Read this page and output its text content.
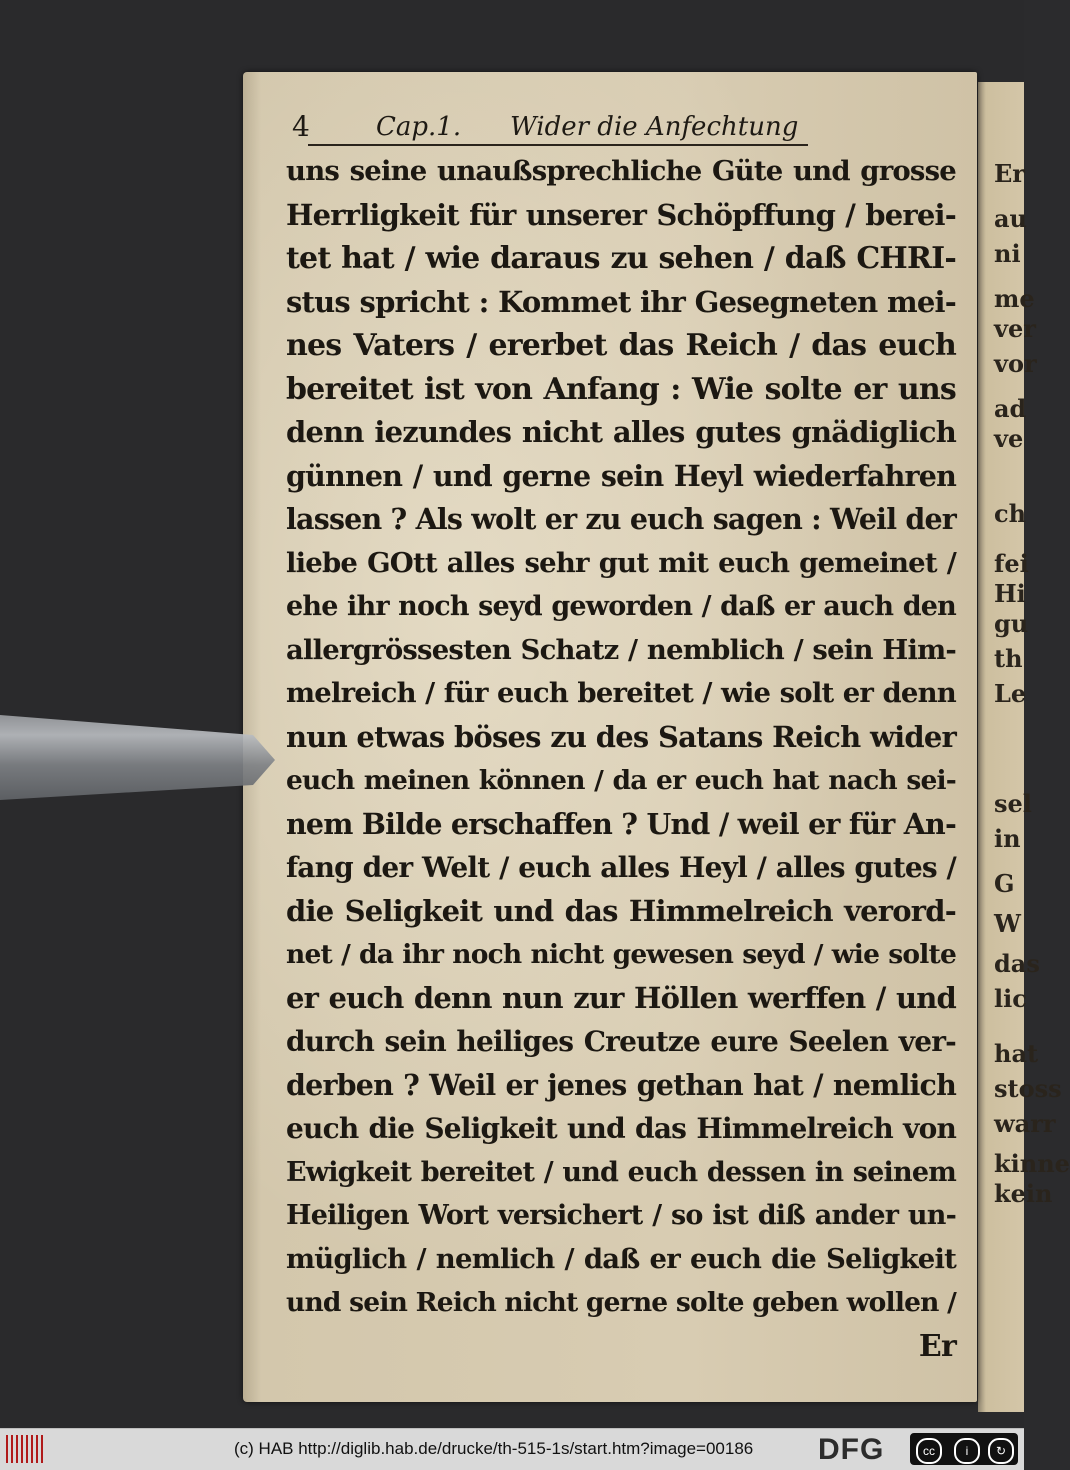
Er
au
ni
me
ver
vor
ad
ve
ch
fei
Hi
gu
th
Le
sel
in
G
W
das
lic
hat
stoss
warr
kinne
kein
4	Cap.1. Wider die Anfechtung
uns seine unaußsprechliche Güte und grosse
Herrligkeit für unserer Schöpffung / berei-
tet hat / wie daraus zu sehen / daß CHRI-
stus spricht : Kommet ihr Gesegneten mei-
nes Vaters / ererbet das Reich / das euch
bereitet ist von Anfang : Wie solte er uns
denn iezundes nicht alles gutes gnädiglich
günnen / und gerne sein Heyl wiederfahren
lassen ? Als wolt er zu euch sagen : Weil der
liebe GOtt alles sehr gut mit euch gemeinet /
ehe ihr noch seyd geworden / daß er auch den
allergrössesten Schatz / nemblich / sein Him-
melreich / für euch bereitet / wie solt er denn
nun etwas böses zu des Satans Reich wider
euch meinen können / da er euch hat nach sei-
nem Bilde erschaffen ? Und / weil er für An-
fang der Welt / euch alles Heyl / alles gutes /
die Seligkeit und das Himmelreich verord-
net / da ihr noch nicht gewesen seyd / wie solte
er euch denn nun zur Höllen werffen / und
durch sein heiliges Creutze eure Seelen ver-
derben ? Weil er jenes gethan hat / nemlich
euch die Seligkeit und das Himmelreich von
Ewigkeit bereitet / und euch dessen in seinem
Heiligen Wort versichert / so ist diß ander un-
müglich / nemlich / daß er euch die Seligkeit
und sein Reich nicht gerne solte geben wollen /
Er
(c) HAB http://diglib.hab.de/drucke/th-515-1s/start.htm?image=00186 DFG	cc	i	↻
